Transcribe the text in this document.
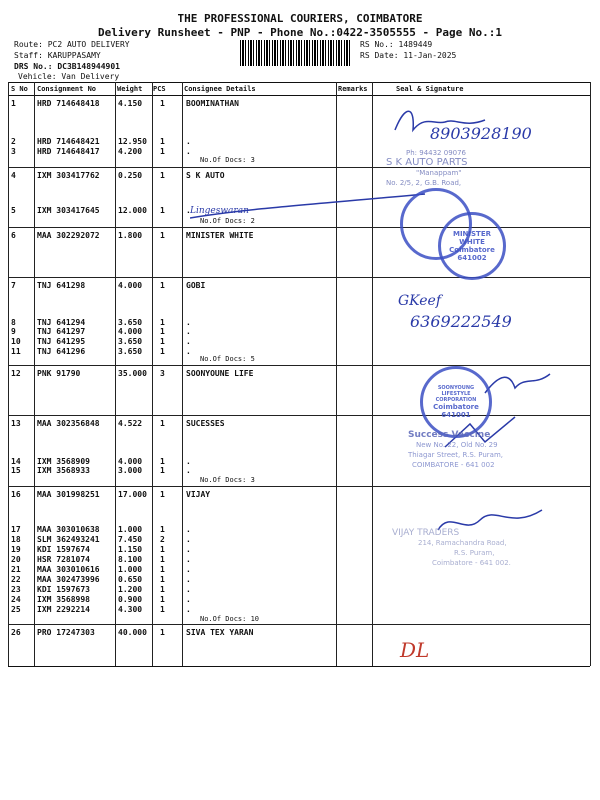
THE PROFESSIONAL COURIERS, COIMBATORE
Delivery Runsheet - PNP - Phone No.:0422-3505555 - Page No.:1
Route: PC2 AUTO DELIVERY
Staff: KARUPPASAMY
DRS No.: DC3B148944901
Vehicle: Van Delivery
RS No.: 1489449
RS Date: 11-Jan-2025
S No Consignment No	Weight PCS	Consignee Details	Remarks	Seal & Signature
1	HRD 714648418 4.150 1	BOOMINATHAN
2	HRD 714648421 12.950 1	.
3	HRD 714648417 4.200 1	.
4	IXM 303417762 0.250 1	S K AUTO
5	IXM 303417645 12.000 1	.
6	MAA 302292072 1.800 1	MINISTER WHITE
7	TNJ 641298	4.000 1	GOBI
8	TNJ 641294	3.650 1	.
9	TNJ 641297	4.000 1	.
10 TNJ 641295	3.650 1	.
11 TNJ 641296	3.650 1	.
12 PNK 91790	35.000 3	SOONYOUNE LIFE
13 MAA 302356848 4.522 1	SUCESSES
14 IXM 3568909	4.000 1	.
15 IXM 3568933	3.000 1	.
16 MAA 301998251 17.000 1	VIJAY
17 MAA 303010638 1.000 1	.
18 SLM 362493241 7.450 2	.
19 KDI 1597674	1.150 1	.
20 HSR 7281074	8.100 1	.
21 MAA 303010616 1.000 1	.
22 MAA 302473996 0.650 1	.
23 KDI 1597673	1.200 1	.
24 IXM 3568998	0.900 1	.
25 IXM 2292214	4.300 1	.
26 PRO 17247303	40.000 1	SIVA TEX YARAN
No.Of Docs: 3
No.Of Docs: 2
No.Of Docs: 5
No.Of Docs: 3
No.Of Docs: 10
8903928190
Lingeswaran
GKeef
6369222549
DL
Ph: 94432 09076
S K AUTO PARTS
"Manappam"
No. 2/5, 2, G.B. Road,
MINISTER WHITE
Coimbatore 641002
SOONYOUNG LIFESTYLE CORPORATION
Coimbatore 641001
Success Vaccine
New No. 22, Old No. 29
Thiagar Street, R.S. Puram,
COIMBATORE - 641 002
VIJAY TRADERS
214, Ramachandra Road,
R.S. Puram,
Coimbatore - 641 002.
